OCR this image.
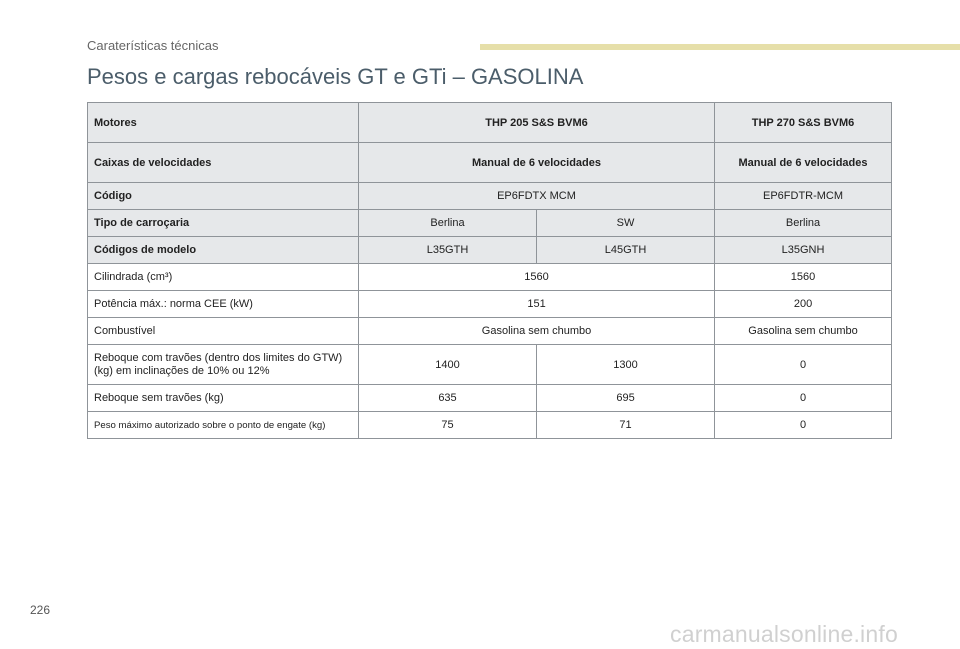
Caraterísticas técnicas
Pesos e cargas rebocáveis GT e GTi – GASOLINA
Motores	THP 205 S&S BVM6		THP 270 S&S BVM6
Caixas de velocidades	Manual de 6 velocidades		Manual de 6 velocidades
Código	EP6FDTX MCM		EP6FDTR-MCM
Tipo de carroçaria	Berlina	SW	Berlina
Códigos de modelo	L35GTH	L45GTH	L35GNH
Cilindrada (cm³)	1560		1560
Potência máx.: norma CEE (kW)	151		200
Combustível	Gasolina sem chumbo		Gasolina sem chumbo
Reboque com travões (dentro dos limites do GTW) (kg) em inclinações de 10% ou 12%	1400	1300	0
Reboque sem travões (kg)	635	695	0
Peso máximo autorizado sobre o ponto de engate (kg)	75	71	0
226
carmanualsonline.info
